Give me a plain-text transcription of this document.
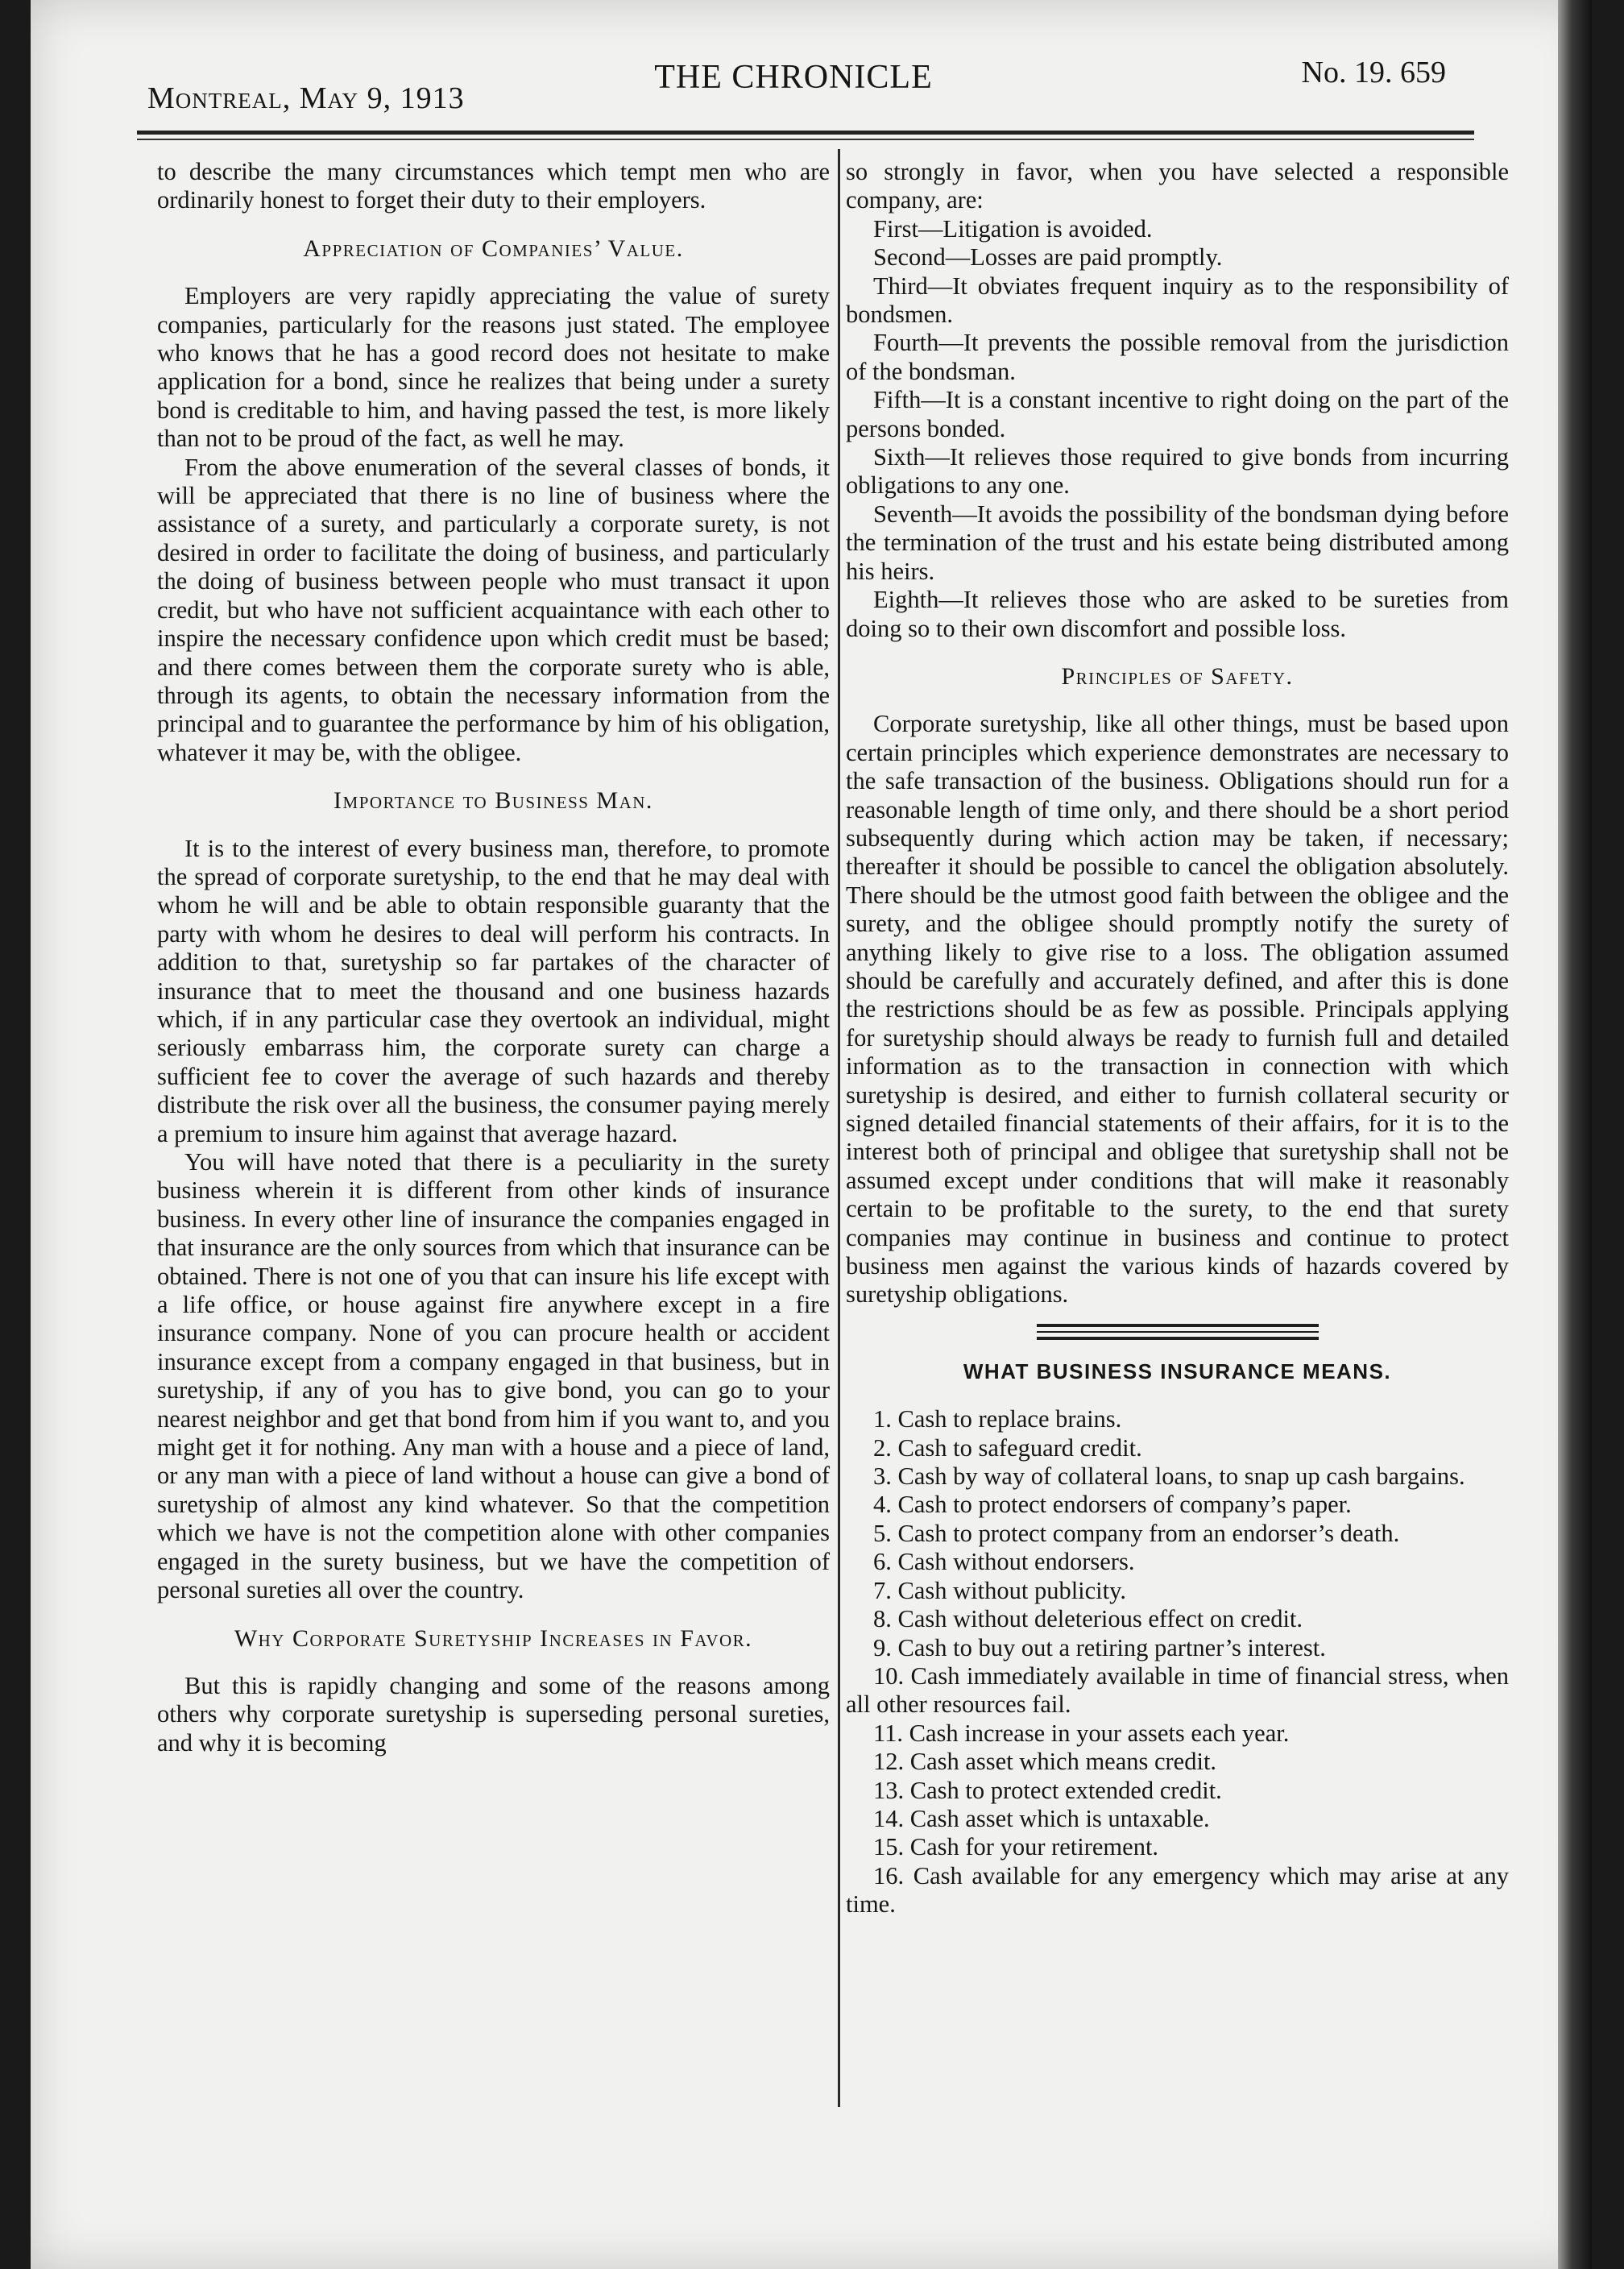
Montreal, May 9, 1913
THE CHRONICLE	No. 19. 659

to describe the many circumstances which tempt men who are ordinarily honest to forget their duty to their employers.

Appreciation of Companies’ Value.

Employers are very rapidly appreciating the value of surety companies, particularly for the reasons just stated. The employee who knows that he has a good record does not hesitate to make application for a bond, since he realizes that being under a surety bond is creditable to him, and having passed the test, is more likely than not to be proud of the fact, as well he may.

From the above enumeration of the several classes of bonds, it will be appreciated that there is no line of business where the assistance of a surety, and particularly a corporate surety, is not desired in order to facilitate the doing of business, and particularly the doing of business between people who must transact it upon credit, but who have not sufficient acquaintance with each other to inspire the necessary confidence upon which credit must be based; and there comes between them the corporate surety who is able, through its agents, to obtain the necessary information from the principal and to guarantee the performance by him of his obligation, whatever it may be, with the obligee.

Importance to Business Man.

It is to the interest of every business man, therefore, to promote the spread of corporate suretyship, to the end that he may deal with whom he will and be able to obtain responsible guaranty that the party with whom he desires to deal will perform his contracts. In addition to that, suretyship so far partakes of the character of insurance that to meet the thousand and one business hazards which, if in any particular case they overtook an individual, might seriously embarrass him, the corporate surety can charge a sufficient fee to cover the average of such hazards and thereby distribute the risk over all the business, the consumer paying merely a premium to insure him against that average hazard.

You will have noted that there is a peculiarity in the surety business wherein it is different from other kinds of insurance business. In every other line of insurance the companies engaged in that insurance are the only sources from which that insurance can be obtained. There is not one of you that can insure his life except with a life office, or house against fire anywhere except in a fire insurance company. None of you can procure health or accident insurance except from a company engaged in that business, but in suretyship, if any of you has to give bond, you can go to your nearest neighbor and get that bond from him if you want to, and you might get it for nothing. Any man with a house and a piece of land, or any man with a piece of land without a house can give a bond of suretyship of almost any kind whatever. So that the competition which we have is not the competition alone with other companies engaged in the surety business, but we have the competition of personal sureties all over the country.

Why Corporate Suretyship Increases in Favor.

But this is rapidly changing and some of the reasons among others why corporate suretyship is superseding personal sureties, and why it is becoming

so strongly in favor, when you have selected a responsible company, are:

First—Litigation is avoided.
Second—Losses are paid promptly.
Third—It obviates frequent inquiry as to the responsibility of bondsmen.
Fourth—It prevents the possible removal from the jurisdiction of the bondsman.
Fifth—It is a constant incentive to right doing on the part of the persons bonded.
Sixth—It relieves those required to give bonds from incurring obligations to any one.
Seventh—It avoids the possibility of the bondsman dying before the termination of the trust and his estate being distributed among his heirs.
Eighth—It relieves those who are asked to be sureties from doing so to their own discomfort and possible loss.
Principles of Safety.

Corporate suretyship, like all other things, must be based upon certain principles which experience demonstrates are necessary to the safe transaction of the business. Obligations should run for a reasonable length of time only, and there should be a short period subsequently during which action may be taken, if necessary; thereafter it should be possible to cancel the obligation absolutely. There should be the utmost good faith between the obligee and the surety, and the obligee should promptly notify the surety of anything likely to give rise to a loss. The obligation assumed should be carefully and accurately defined, and after this is done the restrictions should be as few as possible. Principals applying for suretyship should always be ready to furnish full and detailed information as to the transaction in connection with which suretyship is desired, and either to furnish collateral security or signed detailed financial statements of their affairs, for it is to the interest both of principal and obligee that suretyship shall not be assumed except under conditions that will make it reasonably certain to be profitable to the surety, to the end that surety companies may continue in business and continue to protect business men against the various kinds of hazards covered by suretyship obligations.

WHAT BUSINESS INSURANCE MEANS.
1. Cash to replace brains.
2. Cash to safeguard credit.
3. Cash by way of collateral loans, to snap up cash bargains.
4. Cash to protect endorsers of company’s paper.
5. Cash to protect company from an endorser’s death.
6. Cash without endorsers.
7. Cash without publicity.
8. Cash without deleterious effect on credit.
9. Cash to buy out a retiring partner’s interest.
10. Cash immediately available in time of financial stress, when all other resources fail.
11. Cash increase in your assets each year.
12. Cash asset which means credit.
13. Cash to protect extended credit.
14. Cash asset which is untaxable.
15. Cash for your retirement.
16. Cash available for any emergency which may arise at any time.
